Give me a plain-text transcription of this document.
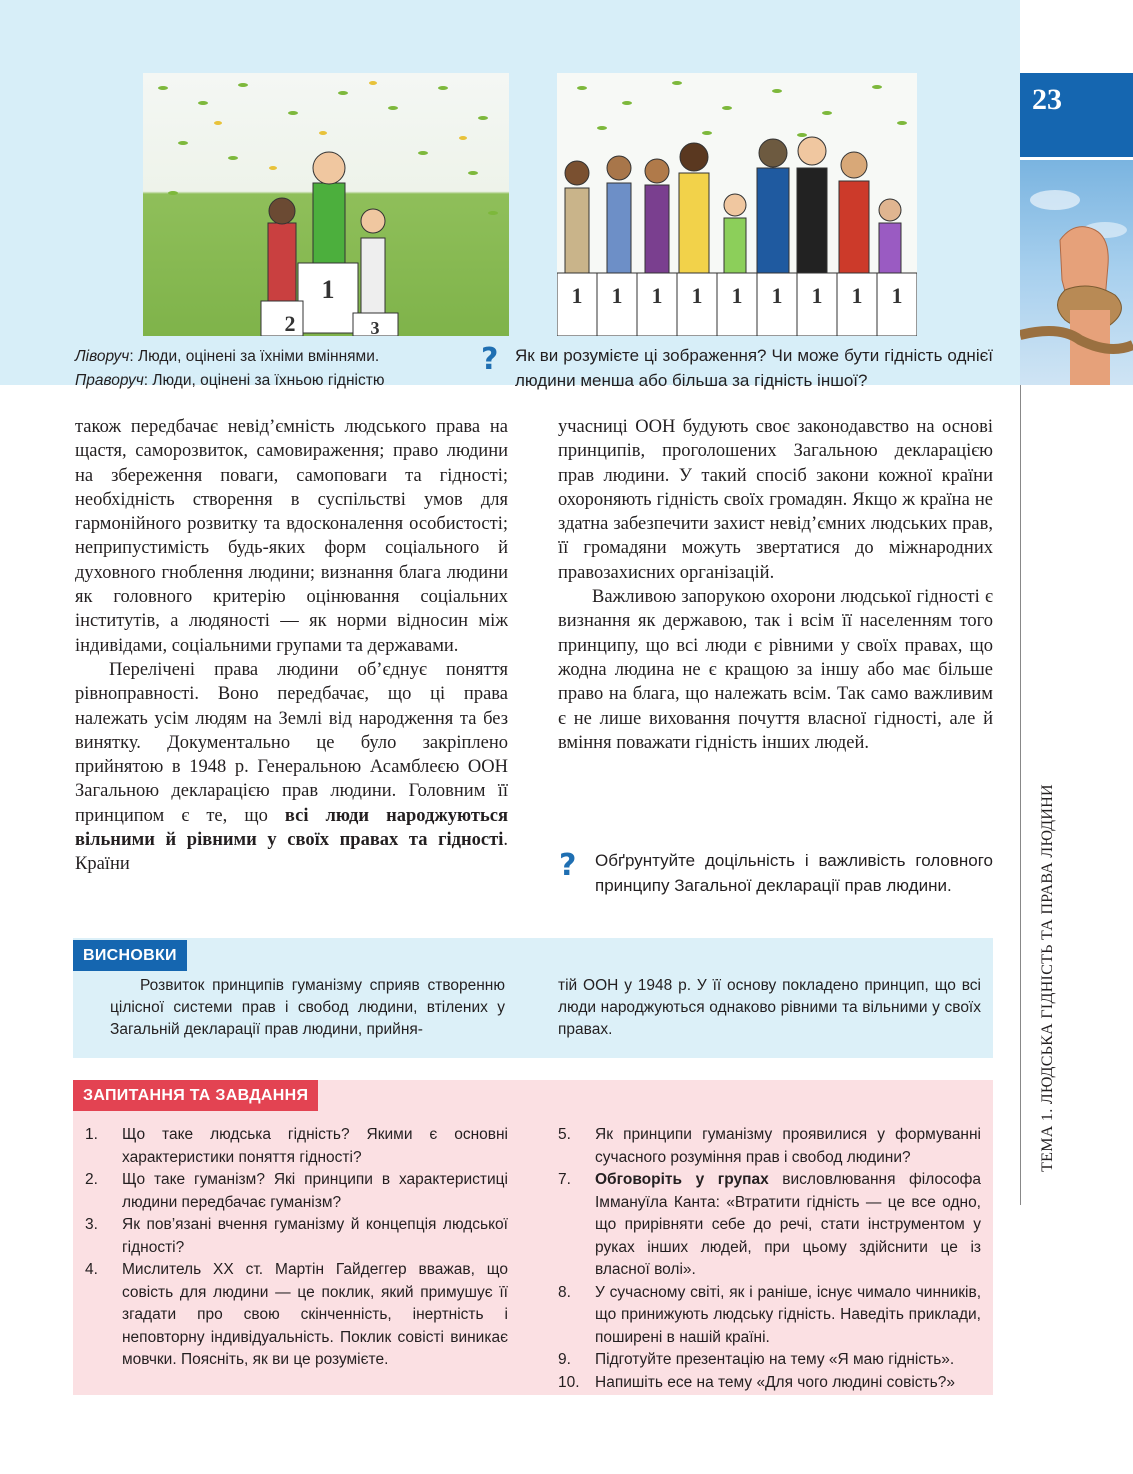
1
2	3
1 1 1 1 1 1 1 1 1
Ліворуч: Люди, оцінені за їхніми вміннями.
Праворуч: Люди, оцінені за їхньою гідністю
? Як ви розумієте ці зображення? Чи може бути гідність однієї людини менша або більша за гідність іншої?
23
ТЕМА 1. ЛЮДСЬКА ГІДНІСТЬ ТА ПРАВА ЛЮДИНИ

також передбачає невід’ємність людського права на щастя, саморозвиток, самовираження; право людини на збереження поваги, самоповаги та гідності; необхідність створення в суспільстві умов для гармонійного розвитку та вдосконалення особистості; неприпустимість будь-яких форм соціального й духовного гноблення людини; визнання блага людини як головного критерію оцінювання соціальних інститутів, а людяності — як норми відносин між індивідами, соціальними групами та державами.

Перелічені права людини об’єднує поняття рівноправності. Воно передбачає, що ці права належать усім людям на Землі від народження та без винятку. Документально це було закріплено прийнятою в 1948 р. Генеральною Асамблеєю ООН Загальною декларацією прав людини. Головним її принципом є те, що всі люди народжуються вільними й рівними у своїх правах та гідності. Країни

учасниці ООН будують своє законодавство на основі принципів, проголошених Загальною декларацією прав людини. У такий спосіб закони кожної країни охороняють гідність своїх громадян. Якщо ж країна не здатна забезпечити захист невід’ємних людських прав, її громадяни можуть звертатися до міжнародних правозахисних організацій.

Важливою запорукою охорони людської гідності є визнання як державою, так і всім її населенням того принципу, що всі люди є рівними у своїх правах, що жодна людина не є кращою за іншу або має більше право на блага, що належать всім. Так само важливим є не лише виховання почуття власної гідності, але й вміння поважати гідність інших людей.

? Обґрунтуйте доцільність і важливість головного принципу Загальної декларації прав людини.
ВИСНОВКИ
Розвиток принципів гуманізму сприяв створенню цілісної системи прав і свобод людини, втілених у Загальній декларації прав людини, прийня-
тій ООН у 1948 р. У її основу покладено принцип, що всі люди народжуються однаково рівними та вільними у своїх правах.
ЗАПИТАННЯ ТА ЗАВДАННЯ
1. Що таке людська гідність? Якими є основні характеристики поняття гідності?
2. Що таке гуманізм? Які принципи в характеристиці людини передбачає гуманізм?
3. Як пов’язані вчення гуманізму й концепція людської гідності?
4. Мислитель XX ст. Мартін Гайдеггер вважав, що совість для людини — це поклик, який примушує її згадати про свою скінченність, інертність і неповторну індивідуальність. Поклик совісті виникає мовчки. Поясніть, як ви це розумієте.
5. Як принципи гуманізму проявилися у формуванні сучасного розуміння прав і свобод людини?
7. Обговоріть у групах висловлювання філософа Іммануїла Канта: «Втратити гідність — це все одно, що прирівняти себе до речі, стати інструментом у руках інших людей, при цьому здійснити це із власної волі».
8. У сучасному світі, як і раніше, існує чимало чинників, що принижують людську гідність. Наведіть приклади, поширені в нашій країні.
9. Підготуйте презентацію на тему «Я маю гідність».
10. Напишіть есе на тему «Для чого людині совість?»
